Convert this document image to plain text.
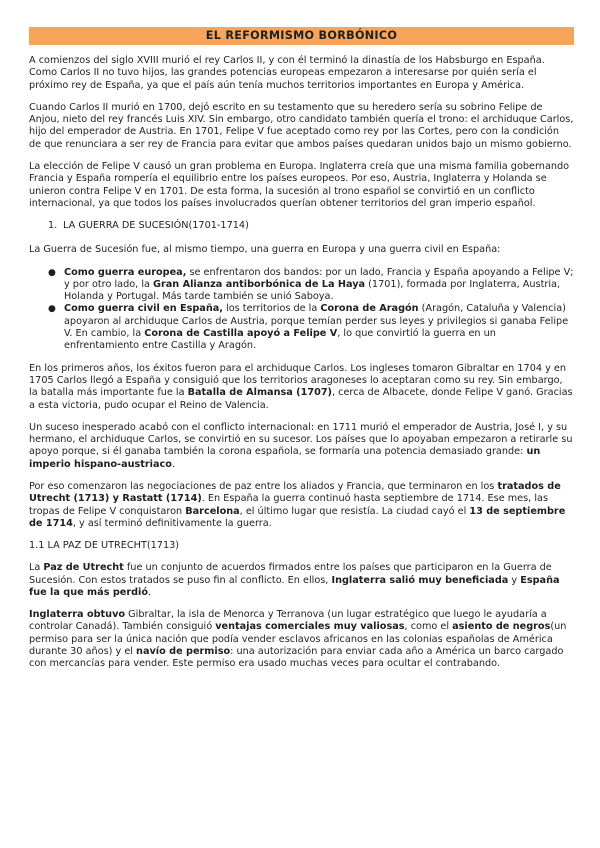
EL REFORMISMO BORBÓNICO

A comienzos del siglo XVIII murió el rey Carlos II, y con él terminó la dinastía de los Habsburgo en España. Como Carlos II no tuvo hijos, las grandes potencias europeas empezaron a interesarse por quién sería el próximo rey de España, ya que el país aún tenía muchos territorios importantes en Europa y América.

Cuando Carlos II murió en 1700, dejó escrito en su testamento que su heredero sería su sobrino Felipe de Anjou, nieto del rey francés Luis XIV. Sin embargo, otro candidato también quería el trono: el archiduque Carlos, hijo del emperador de Austria. En 1701, Felipe V fue aceptado como rey por las Cortes, pero con la condición de que renunciara a ser rey de Francia para evitar que ambos países quedaran unidos bajo un mismo gobierno.

La elección de Felipe V causó un gran problema en Europa. Inglaterra creía que una misma familia gobernando Francia y España rompería el equilibrio entre los países europeos. Por eso, Austria, Inglaterra y Holanda se unieron contra Felipe V en 1701. De esta forma, la sucesión al trono español se convirtió en un conflicto internacional, ya que todos los países involucrados querían obtener territorios del gran imperio español.

1. LA GUERRA DE SUCESIÓN(1701-1714)

La Guerra de Sucesión fue, al mismo tiempo, una guerra en Europa y una guerra civil en España:

● Como guerra europea, se enfrentaron dos bandos: por un lado, Francia y España apoyando a Felipe V; y por otro lado, la Gran Alianza antiborbónica de La Haya (1701), formada por Inglaterra, Austria, Holanda y Portugal. Más tarde también se unió Saboya.
● Como guerra civil en España, los territorios de la Corona de Aragón (Aragón, Cataluña y Valencia) apoyaron al archiduque Carlos de Austria, porque temían perder sus leyes y privilegios si ganaba Felipe V. En cambio, la Corona de Castilla apoyó a Felipe V, lo que convirtió la guerra en un enfrentamiento entre Castilla y Aragón.

En los primeros años, los éxitos fueron para el archiduque Carlos. Los ingleses tomaron Gibraltar en 1704 y en 1705 Carlos llegó a España y consiguió que los territorios aragoneses lo aceptaran como su rey. Sin embargo, la batalla más importante fue la Batalla de Almansa (1707), cerca de Albacete, donde Felipe V ganó. Gracias a esta victoria, pudo ocupar el Reino de Valencia.

Un suceso inesperado acabó con el conflicto internacional: en 1711 murió el emperador de Austria, José I, y su hermano, el archiduque Carlos, se convirtió en su sucesor. Los países que lo apoyaban empezaron a retirarle su apoyo porque, si él ganaba también la corona española, se formaría una potencia demasiado grande: un imperio hispano-austriaco.

Por eso comenzaron las negociaciones de paz entre los aliados y Francia, que terminaron en los tratados de Utrecht (1713) y Rastatt (1714). En España la guerra continuó hasta septiembre de 1714. Ese mes, las tropas de Felipe V conquistaron Barcelona, el último lugar que resistía. La ciudad cayó el 13 de septiembre de 1714, y así terminó definitivamente la guerra.

1.1 LA PAZ DE UTRECHT(1713)

La Paz de Utrecht fue un conjunto de acuerdos firmados entre los países que participaron en la Guerra de Sucesión. Con estos tratados se puso fin al conflicto. En ellos, Inglaterra salió muy beneficiada y España fue la que más perdió.

Inglaterra obtuvo Gibraltar, la isla de Menorca y Terranova (un lugar estratégico que luego le ayudaría a controlar Canadá). También consiguió ventajas comerciales muy valiosas, como el asiento de negros(un permiso para ser la única nación que podía vender esclavos africanos en las colonias españolas de América durante 30 años) y el navío de permiso: una autorización para enviar cada año a América un barco cargado con mercancías para vender. Este permiso era usado muchas veces para ocultar el contrabando.
